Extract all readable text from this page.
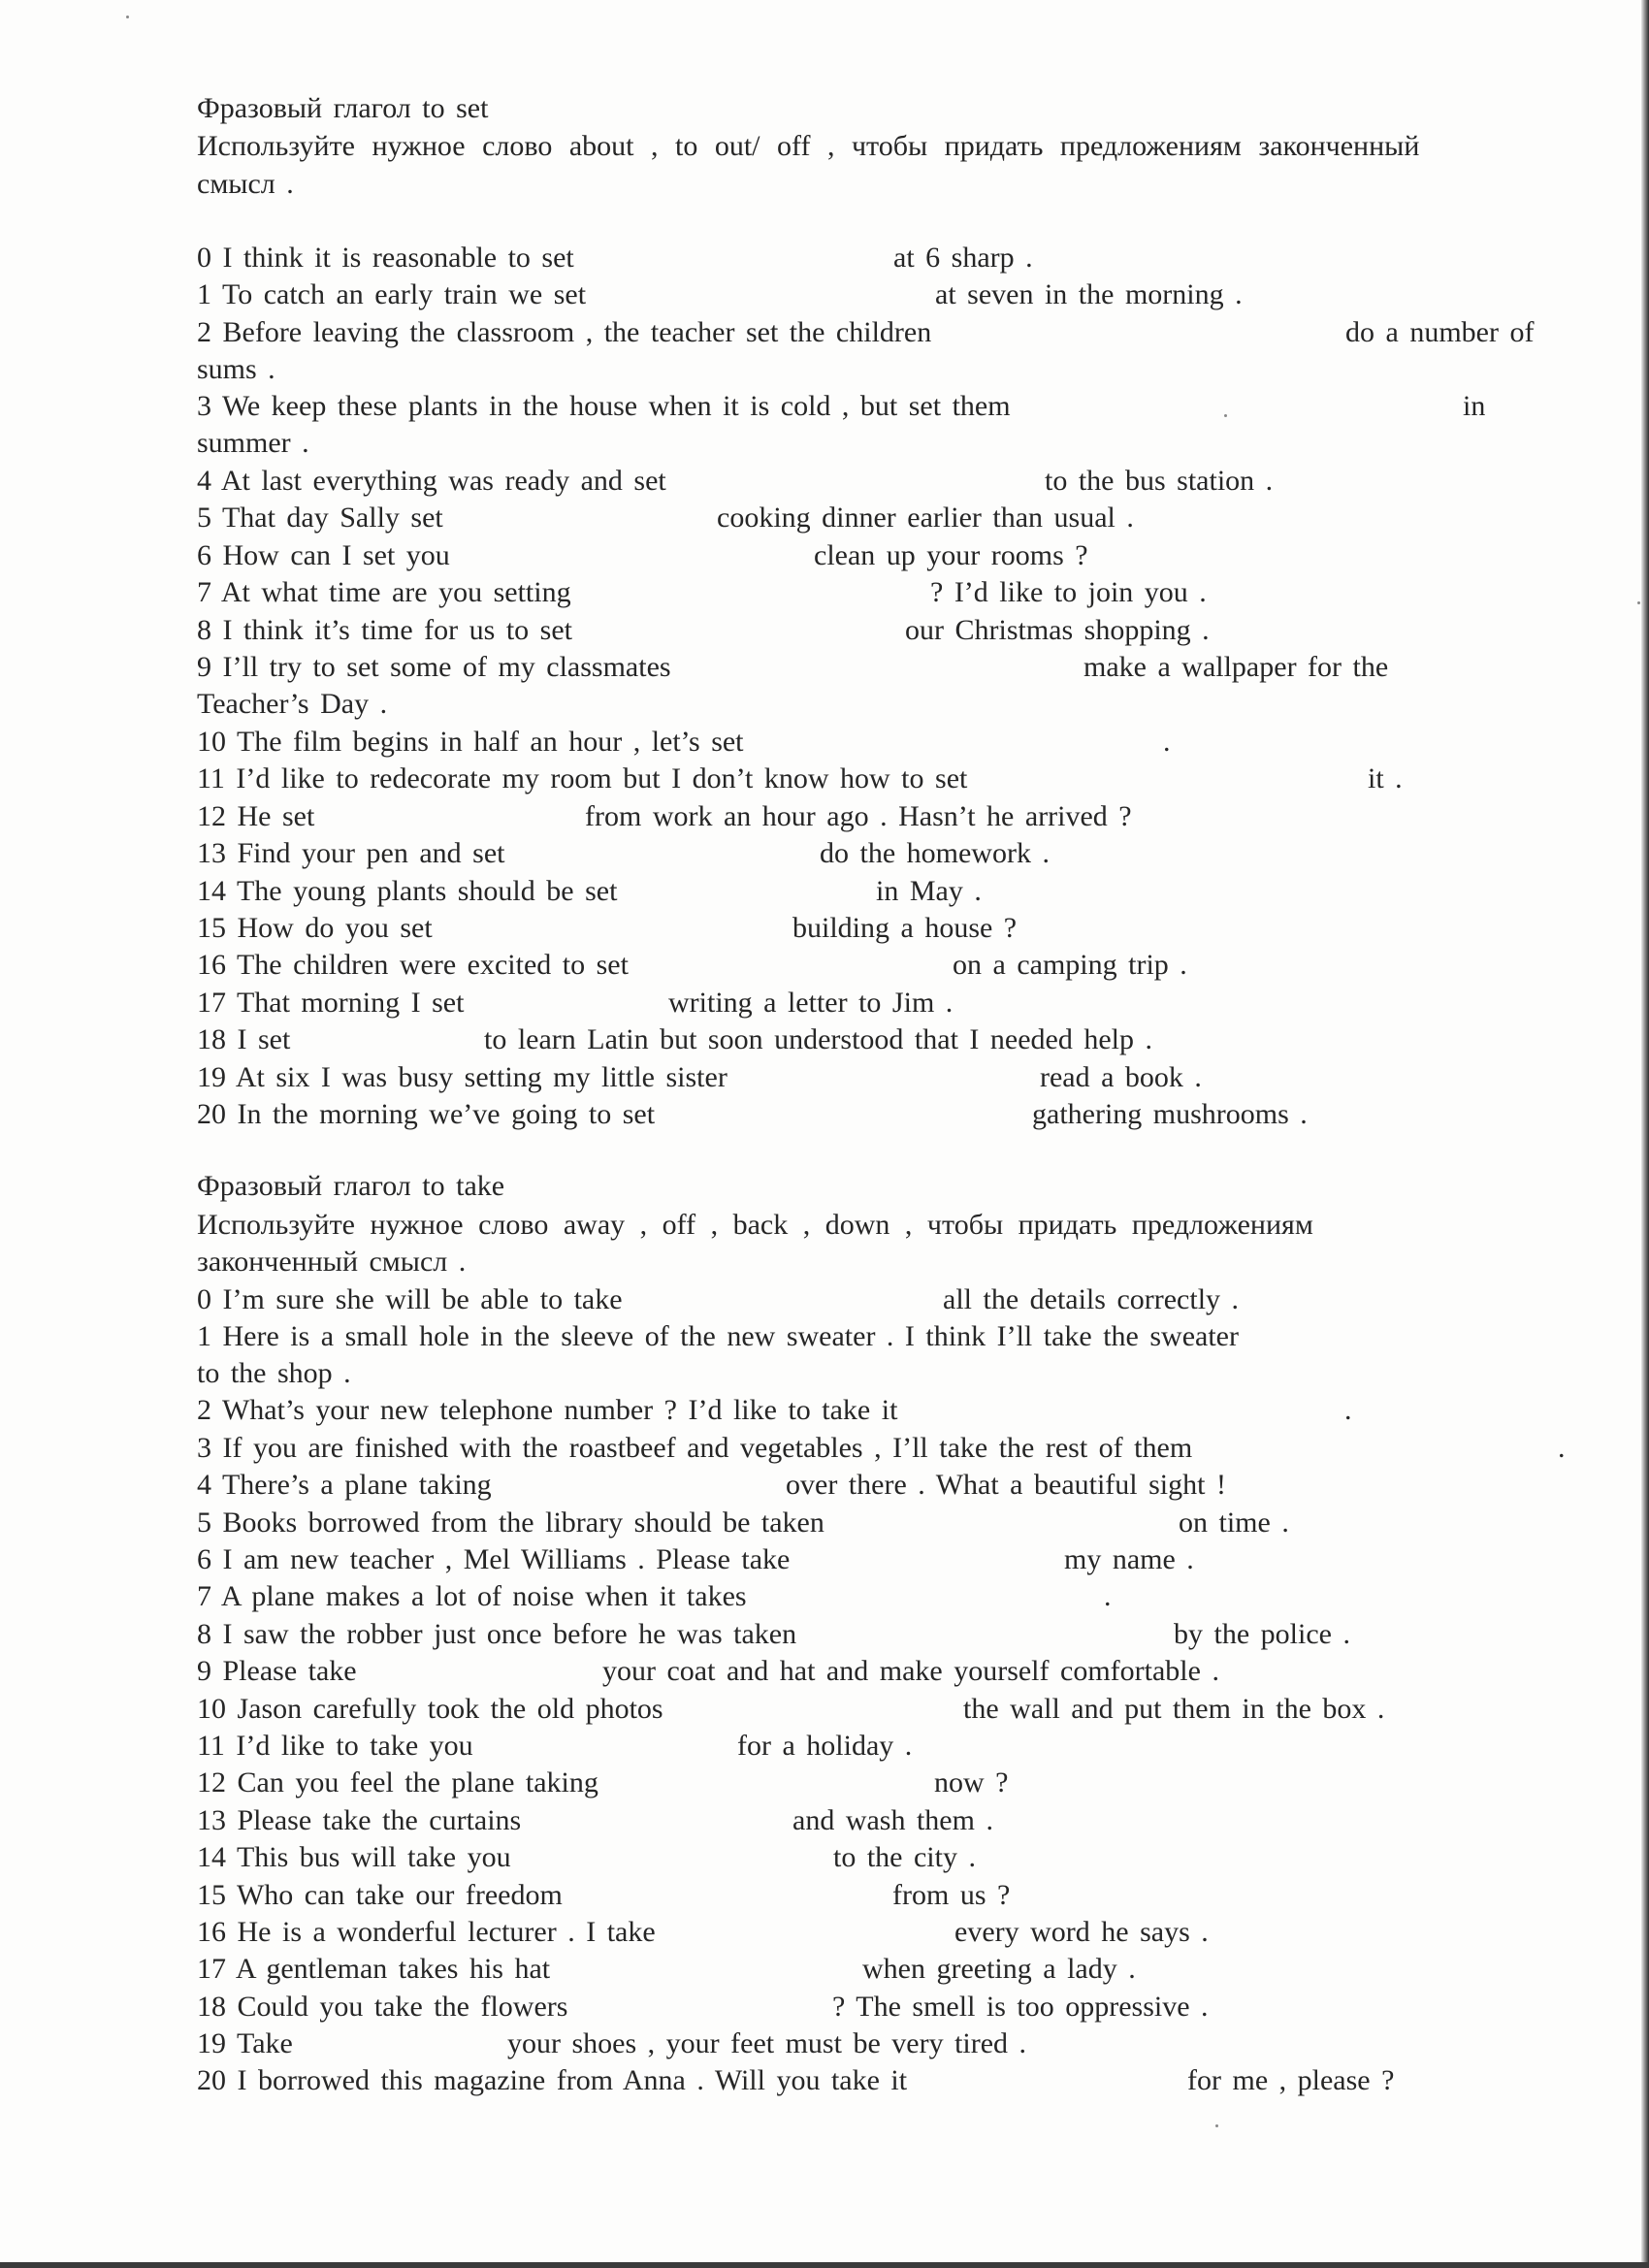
Фразовый глагол to set
Используйте нужное слово about , to out/ off , чтобы придать предложениям законченный
смысл .
0 I think it is reasonable to set	at 6 sharp .
1 To catch an early train we set	at seven in the morning .
2 Before leaving the classroom , the teacher set the children	do a number of
sums .
3 We keep these plants in the house when it is cold , but set them	in
summer .
4 At last everything was ready and set	to the bus station .
5 That day Sally set	cooking dinner earlier than usual .
6 How can I set you	clean up your rooms ?
7 At what time are you setting	? I’d like to join you .
8 I think it’s time for us to set	our Christmas shopping .
9 I’ll try to set some of my classmates	make a wallpaper for the
Teacher’s Day .
10 The film begins in half an hour , let’s set	.
11 I’d like to redecorate my room but I don’t know how to set	it .
12 He set	from work an hour ago . Hasn’t he arrived ?
13 Find your pen and set	do the homework .
14 The young plants should be set	in May .
15 How do you set	building a house ?
16 The children were excited to set	on a camping trip .
17 That morning I set	writing a letter to Jim .
18 I set	to learn Latin but soon understood that I needed help .
19 At six I was busy setting my little sister	read a book .
20 In the morning we’ve going to set	gathering mushrooms .
Фразовый глагол to take
Используйте нужное слово away , off , back , down , чтобы придать предложениям
законченный смысл .
0 I’m sure she will be able to take	all the details correctly .
1 Here is a small hole in the sleeve of the new sweater . I think I’ll take the sweater
to the shop .
2 What’s your new telephone number ? I’d like to take it	.
3 If you are finished with the roastbeef and vegetables , I’ll take the rest of them	.
4 There’s a plane taking	over there . What a beautiful sight !
5 Books borrowed from the library should be taken	on time .
6 I am new teacher , Mel Williams . Please take	my name .
7 A plane makes a lot of noise when it takes	.
8 I saw the robber just once before he was taken	by the police .
9 Please take	your coat and hat and make yourself comfortable .
10 Jason carefully took the old photos	the wall and put them in the box .
11 I’d like to take you	for a holiday .
12 Can you feel the plane taking	now ?
13 Please take the curtains	and wash them .
14 This bus will take you	to the city .
15 Who can take our freedom	from us ?
16 He is a wonderful lecturer . I take	every word he says .
17 A gentleman takes his hat	when greeting a lady .
18 Could you take the flowers	? The smell is too oppressive .
19 Take	your shoes , your feet must be very tired .
20 I borrowed this magazine from Anna . Will you take it	for me , please ?
